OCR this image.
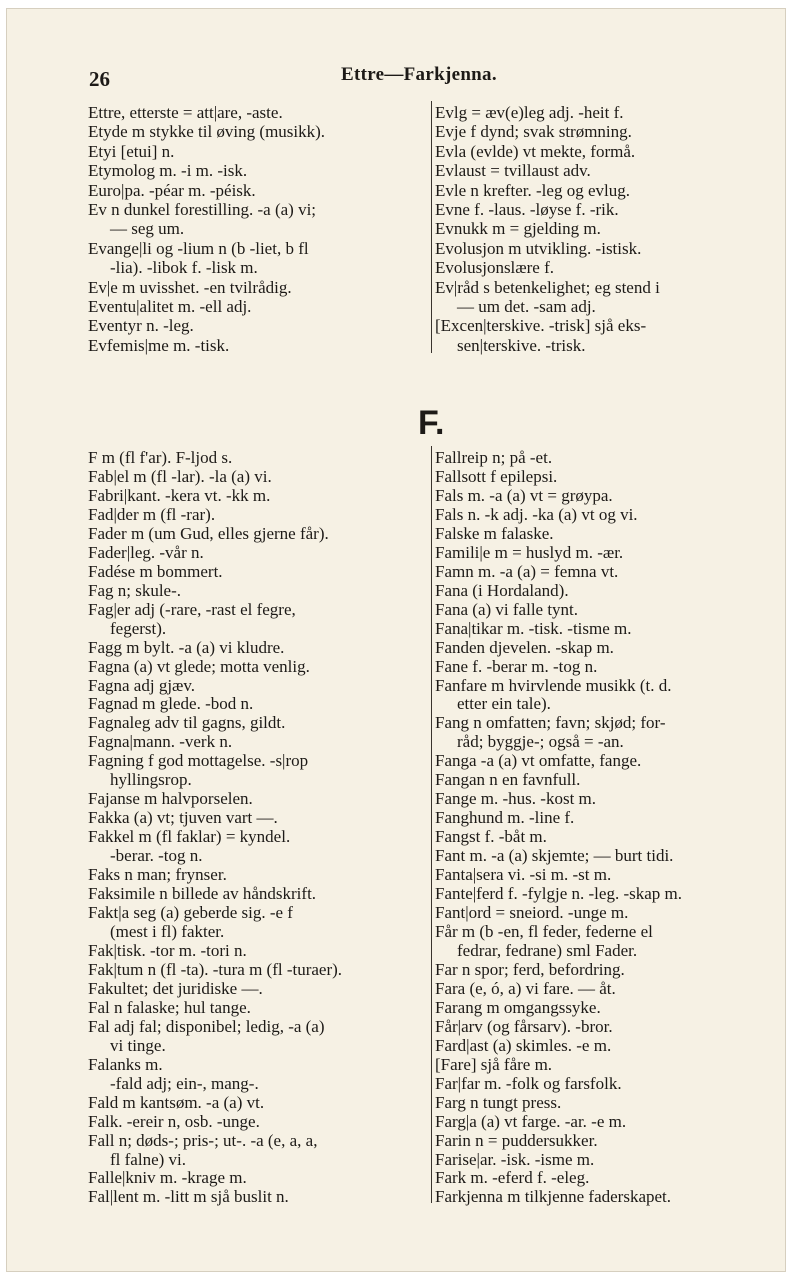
26	Ettre—Farkjenna.
Ettre, etterste = att|are, -aste.
Etyde m stykke til øving (musikk).
Etyi [etui] n.
Etymolog m. -i m. -isk.
Euro|pa. -péar m. -péisk.
Ev n dunkel forestilling. -a (a) vi;
— seg um.
Evange|li og -lium n (b -liet, b fl
-lia). -libok f. -lisk m.
Ev|e m uvisshet. -en tvilrådig.
Eventu|alitet m. -ell adj.
Eventyr n. -leg.
Evfemis|me m. -tisk.
Evlg = æv(e)leg adj. -heit f.
Evje f dynd; svak strømning.
Evla (evlde) vt mekte, formå.
Evlaust = tvillaust adv.
Evle n krefter. -leg og evlug.
Evne f. -laus. -løyse f. -rik.
Evnukk m = gjelding m.
Evolusjon m utvikling. -istisk.
Evolusjonslære f.
Ev|råd s betenkelighet; eg stend i
— um det. -sam adj.
[Excen|terskive. -trisk] sjå eks-
sen|terskive. -trisk.
F.
F m (fl f'ar). F-ljod s.
Fab|el m (fl -lar). -la (a) vi.
Fabri|kant. -kera vt. -kk m.
Fad|der m (fl -rar).
Fader m (um Gud, elles gjerne får).
Fader|leg. -vår n.
Fadése m bommert.
Fag n; skule-.
Fag|er adj (-rare, -rast el fegre,
fegerst).
Fagg m bylt. -a (a) vi kludre.
Fagna (a) vt glede; motta venlig.
Fagna adj gjæv.
Fagnad m glede. -bod n.
Fagnaleg adv til gagns, gildt.
Fagna|mann. -verk n.
Fagning f god mottagelse. -s|rop
hyllingsrop.
Fajanse m halvporselen.
Fakka (a) vt; tjuven vart —.
Fakkel m (fl faklar) = kyndel.
-berar. -tog n.
Faks n man; frynser.
Faksimile n billede av håndskrift.
Fakt|a seg (a) geberde sig. -e f
(mest i fl) fakter.
Fak|tisk. -tor m. -tori n.
Fak|tum n (fl -ta). -tura m (fl -turaer).
Fakultet; det juridiske —.
Fal n falaske; hul tange.
Fal adj fal; disponibel; ledig, -a (a)
vi tinge.
Falanks m.
-fald adj; ein-, mang-.
Fald m kantsøm. -a (a) vt.
Falk. -ereir n, osb. -unge.
Fall n; døds-; pris-; ut-. -a (e, a, a,
fl falne) vi.
Falle|kniv m. -krage m.
Fal|lent m. -litt m sjå buslit n.
Fallreip n; på -et.
Fallsott f epilepsi.
Fals m. -a (a) vt = grøypa.
Fals n. -k adj. -ka (a) vt og vi.
Falske m falaske.
Famili|e m = huslyd m. -ær.
Famn m. -a (a) = femna vt.
Fana (i Hordaland).
Fana (a) vi falle tynt.
Fana|tikar m. -tisk. -tisme m.
Fanden djevelen. -skap m.
Fane f. -berar m. -tog n.
Fanfare m hvirvlende musikk (t. d.
etter ein tale).
Fang n omfatten; favn; skjød; for-
råd; byggje-; også = -an.
Fanga -a (a) vt omfatte, fange.
Fangan n en favnfull.
Fange m. -hus. -kost m.
Fanghund m. -line f.
Fangst f. -båt m.
Fant m. -a (a) skjemte; — burt tidi.
Fanta|sera vi. -si m. -st m.
Fante|ferd f. -fylgje n. -leg. -skap m.
Fant|ord = sneiord. -unge m.
Får m (b -en, fl feder, federne el
fedrar, fedrane) sml Fader.
Far n spor; ferd, befordring.
Fara (e, ó, a) vi fare. — åt.
Farang m omgangssyke.
Får|arv (og fårsarv). -bror.
Fard|ast (a) skimles. -e m.
[Fare] sjå fåre m.
Far|far m. -folk og farsfolk.
Farg n tungt press.
Farg|a (a) vt farge. -ar. -e m.
Farin n = puddersukker.
Farise|ar. -isk. -isme m.
Fark m. -eferd f. -eleg.
Farkjenna m tilkjenne faderskapet.
